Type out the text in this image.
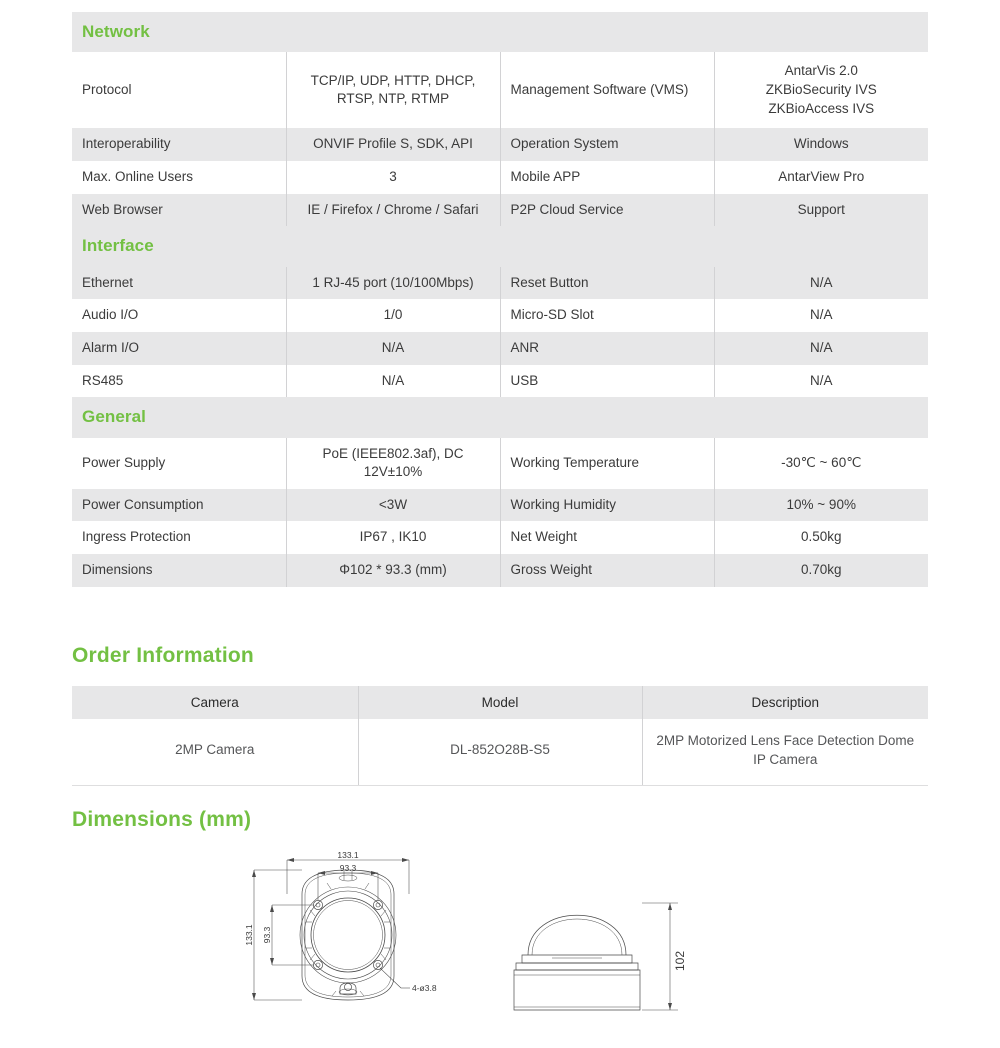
Network			
Protocol	TCP/IP, UDP, HTTP, DHCP, RTSP, NTP, RTMP	Management Software (VMS)	AntarVis 2.0
ZKBioSecurity IVS
ZKBioAccess IVS
Interoperability	ONVIF Profile S, SDK, API	Operation System	Windows
Max. Online Users	3	Mobile APP	AntarView Pro
Web Browser	IE / Firefox / Chrome / Safari	P2P Cloud Service	Support
Interface			
Ethernet	1 RJ-45 port (10/100Mbps)	Reset Button	N/A
Audio I/O	1/0	Micro-SD Slot	N/A
Alarm I/O	N/A	ANR	N/A
RS485	N/A	USB	N/A
General			
Power Supply	PoE (IEEE802.3af), DC 12V±10%	Working Temperature	-30℃ ~ 60℃
Power Consumption	<3W	Working Humidity	10% ~ 90%
Ingress Protection	IP67 , IK10	Net Weight	0.50kg
Dimensions	Φ102 * 93.3 (mm)	Gross Weight	0.70kg
Order Information
Camera	Model	Description
2MP Camera	DL-852O28B-S5	2MP Motorized Lens Face Detection Dome IP Camera
Dimensions (mm)
133.1
93.3
133.1 93.3
4-ø3.8
102
